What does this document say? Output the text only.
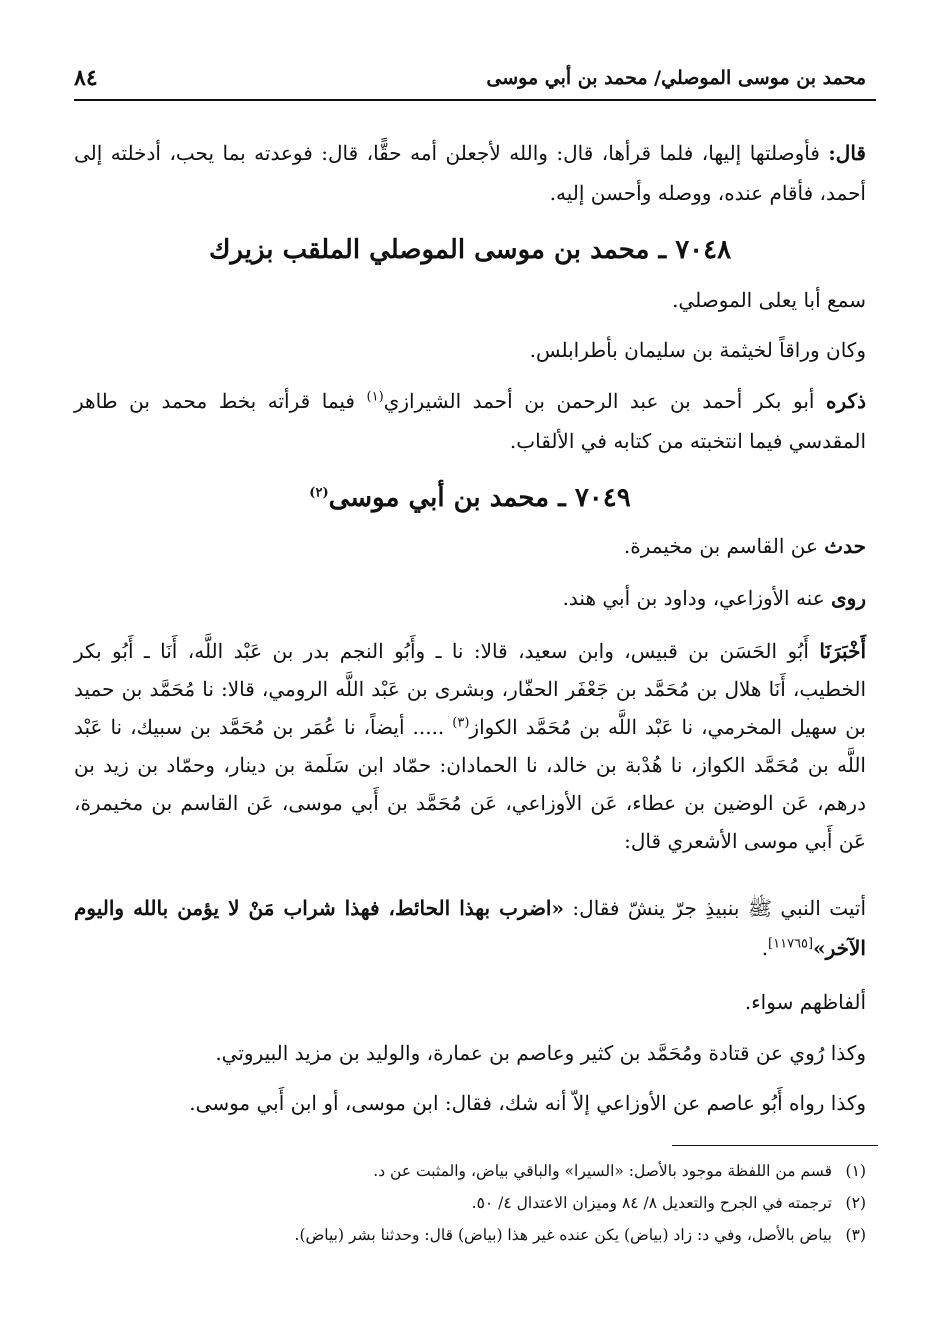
محمد بن موسى الموصلي/ محمد بن أبي موسى
٨٤

قال: فأوصلتها إليها، فلما قرأها، قال: والله لأجعلن أمه حقًّا، قال: فوعدته بما يحب، أدخلته إلى أحمد، فأقام عنده، ووصله وأحسن إليه.

٧٠٤٨ ـ محمد بن موسى الموصلي الملقب بزيرك

سمع أبا يعلى الموصلي.

وكان وراقاً لخيثمة بن سليمان بأطرابلس.

ذكره أبو بكر أحمد بن عبد الرحمن بن أحمد الشيرازي$^{(١)}$ فيما قرأته بخط محمد بن طاهر المقدسي فيما انتخبته من كتابه في الألقاب.

٧٠٤٩ ـ محمد بن أبي موسى$^{(٢)}$

حدث عن القاسم بن مخيمرة.

روى عنه الأوزاعي، وداود بن أبي هند.

أَخْبَرَنَا أَبُو الحَسَن بن قبيس، وابن سعيد، قالا: نا ـ وأَبُو النجم بدر بن عَبْد اللَّه، أَنَا ـ أَبُو بكر الخطيب، أَنَا هلال بن مُحَمَّد بن جَعْفَر الحفّار، وبشرى بن عَبْد اللَّه الرومي، قالا: نا مُحَمَّد بن حميد بن سهيل المخرمي، نا عَبْد اللَّه بن مُحَمَّد الكواز$^{(٣)}$ ..... أيضاً، نا عُمَر بن مُحَمَّد بن سبيك، نا عَبْد اللَّه بن مُحَمَّد الكواز، نا هُدْبة بن خالد، نا الحمادان: حمّاد ابن سَلَمة بن دينار، وحمّاد بن زيد بن درهم، عَن الوضين بن عطاء، عَن الأوزاعي، عَن مُحَمَّد بن أَبي موسى، عَن القاسم بن مخيمرة، عَن أَبي موسى الأشعري قال:

أتيت النبي ﷺ بنبيذِ جرّ ينشّ فقال: «اضرب بهذا الحائط، فهذا شراب مَنْ لا يؤمن بالله واليوم الآخر»[١١٧٦٥].

ألفاظهم سواء.

وكذا رُوي عن قتادة ومُحَمَّد بن كثير وعاصم بن عمارة، والوليد بن مزيد البيروتي.

وكذا رواه أَبُو عاصم عن الأوزاعي إلاّ أنه شك، فقال: ابن موسى، أو ابن أَبي موسى.

(١)
قسم من اللفظة موجود بالأصل: «السيرا» والباقي بياض، والمثبت عن د.
(٢)
ترجمته في الجرح والتعديل ٨/ ٨٤ وميزان الاعتدال ٤/ ٥٠.
(٣)
بياض بالأصل، وفي د: زاد (بياض) يكن عنده غير هذا (بياض) قال: وحدثنا بشر (بياض).
